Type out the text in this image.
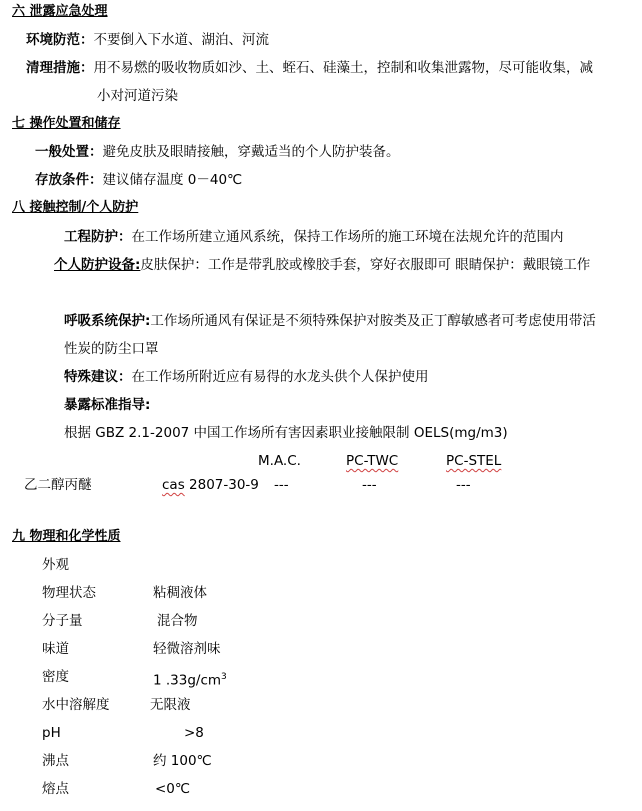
六 泄露应急处理
环境防范：不要倒入下水道、湖泊、河流
清理措施：用不易燃的吸收物质如沙、土、蛭石、硅藻土，控制和收集泄露物，尽可能收集，减
小对河道污染
七 操作处置和储存
一般处置：避免皮肤及眼睛接触，穿戴适当的个人防护装备。
存放条件：建议储存温度 0－40℃
八 接触控制/个人防护
工程防护：在工作场所建立通风系统，保持工作场所的施工环境在法规允许的范围内
个人防护设备:皮肤保护：工作是带乳胶或橡胶手套，穿好衣服即可 眼睛保护：戴眼镜工作
呼吸系统保护:工作场所通风有保证是不须特殊保护对胺类及正丁醇敏感者可考虑使用带活
性炭的防尘口罩
特殊建议：在工作场所附近应有易得的水龙头供个人保护使用
暴露标准指导:
根据 GBZ 2.1-2007 中国工作场所有害因素职业接触限制 OELS(mg/m3)
M.A.C.	PC-TWC	PC-STEL
乙二醇丙醚	cas 2807-30-9 ---	---	---
九 物理和化学性质
外观
物理状态	粘稠液体
分子量	混合物
味道	轻微溶剂味
密度	1 $.33g/cm^3$
水中溶解度	无限液
pH	>8
沸点	约 100℃
熔点	<0℃
